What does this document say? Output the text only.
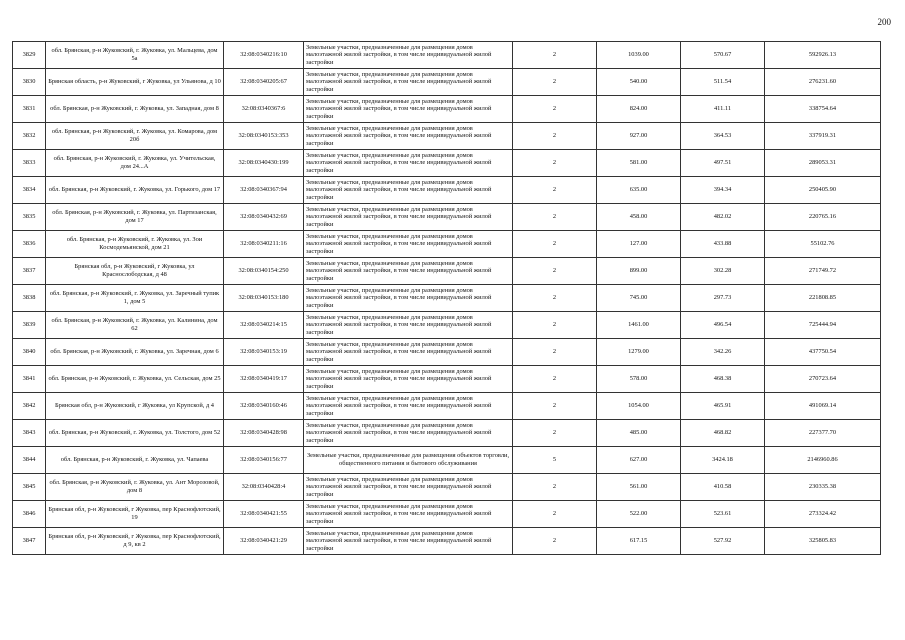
200
3829	обл. Брянская, р-н Жуковский, г. Жуковка, ул. Мальцева, дом 5а	32:08:0340216:10	Земельные участки, предназначенные для размещения домов малоэтажной жилой застройки, в том числе индивидуальной жилой застройки	2	1039.00	570.67	592926.13
3830	Брянская область, р-н Жуковский, г Жуковка, ул Ульянова, д 10	32:08:0340205:67	Земельные участки, предназначенные для размещения домов малоэтажной жилой застройки, в том числе индивидуальной жилой застройки	2	540.00	511.54	276231.60
3831	обл. Брянская, р-н Жуковский, г. Жуковка, ул. Западная, дом 8	32:08:0340367:6	Земельные участки, предназначенные для размещения домов малоэтажной жилой застройки, в том числе индивидуальной жилой застройки	2	824.00	411.11	338754.64
3832	обл. Брянская, р-н Жуковский, г. Жуковка, ул. Комарова, дом 20б	32:08:0340153:353	Земельные участки, предназначенные для размещения домов малоэтажной жилой застройки, в том числе индивидуальной жилой застройки	2	927.00	364.53	337919.31
3833	обл. Брянская, р-н Жуковский, г. Жуковка, ул. Учительская, дом 24...А	32:08:0340430:199	Земельные участки, предназначенные для размещения домов малоэтажной жилой застройки, в том числе индивидуальной жилой застройки	2	581.00	497.51	289053.31
3834	обл. Брянская, р-н Жуковский, г. Жуковка, ул. Горького, дом 17	32:08:0340367:94	Земельные участки, предназначенные для размещения домов малоэтажной жилой застройки, в том числе индивидуальной жилой застройки	2	635.00	394.34	250405.90
3835	обл. Брянская, р-н Жуковский, г. Жуковка, ул. Партизанская, дом 17	32:08:0340432:69	Земельные участки, предназначенные для размещения домов малоэтажной жилой застройки, в том числе индивидуальной жилой застройки	2	458.00	482.02	220765.16
3836	обл. Брянская, р-н Жуковский, г. Жуковка, ул. Зои Космодемьянской, дом 21	32:08:0340211:16	Земельные участки, предназначенные для размещения домов малоэтажной жилой застройки, в том числе индивидуальной жилой застройки	2	127.00	433.88	55102.76
3837	Брянская обл, р-н Жуковский, г Жуковка, ул Краснослободская, д 48	32:08:0340154:250	Земельные участки, предназначенные для размещения домов малоэтажной жилой застройки, в том числе индивидуальной жилой застройки	2	899.00	302.28	271749.72
3838	обл. Брянская, р-н Жуковский, г. Жуковка, ул. Заречный тупик 1, дом 5	32:08:0340153:180	Земельные участки, предназначенные для размещения домов малоэтажной жилой застройки, в том числе индивидуальной жилой застройки	2	745.00	297.73	221808.85
3839	обл. Брянская, р-н Жуковский, г. Жуковка, ул. Калинина, дом 62	32:08:0340214:15	Земельные участки, предназначенные для размещения домов малоэтажной жилой застройки, в том числе индивидуальной жилой застройки	2	1461.00	496.54	725444.94
3840	обл. Брянская, р-н Жуковский, г. Жуковка, ул. Заречная, дом 6	32:08:0340153:19	Земельные участки, предназначенные для размещения домов малоэтажной жилой застройки, в том числе индивидуальной жилой застройки	2	1279.00	342.26	437750.54
3841	обл. Брянская, р-н Жуковский, г. Жуковка, ул. Сельская, дом 25	32:08:0340419:17	Земельные участки, предназначенные для размещения домов малоэтажной жилой застройки, в том числе индивидуальной жилой застройки	2	578.00	468.38	270723.64
3842	Брянская обл, р-н Жуковский, г Жуковка, ул Крупской, д 4	32:08:0340160:46	Земельные участки, предназначенные для размещения домов малоэтажной жилой застройки, в том числе индивидуальной жилой застройки	2	1054.00	465.91	491069.14
3843	обл. Брянская, р-н Жуковский, г. Жуковка, ул. Толстого, дом 52	32:08:0340428:98	Земельные участки, предназначенные для размещения домов малоэтажной жилой застройки, в том числе индивидуальной жилой застройки	2	485.00	468.82	227377.70
3844	обл. Брянская, р-н Жуковский, г. Жуковка, ул. Чапаева	32:08:0340156:77	Земельные участки, предназначенные для размещения объектов торговли, общественного питания и бытового обслуживания	5	627.00	3424.18	2146960.86
3845	обл. Брянская, р-н Жуковский, г. Жуковка, ул. Ант Морозовой, дом 8	32:08:0340428:4	Земельные участки, предназначенные для размещения домов малоэтажной жилой застройки, в том числе индивидуальной жилой застройки	2	561.00	410.58	230335.38
3846	Брянская обл, р-н Жуковский, г Жуковка, пер Краснофлотский, 19	32:08:0340421:55	Земельные участки, предназначенные для размещения домов малоэтажной жилой застройки, в том числе индивидуальной жилой застройки	2	522.00	523.61	273324.42
3847	Брянская обл, р-н Жуковский, г Жуковка, пер Краснофлотский, д 9, кв 2	32:08:0340421:29	Земельные участки, предназначенные для размещения домов малоэтажной жилой застройки, в том числе индивидуальной жилой застройки	2	617.15	527.92	325805.83
